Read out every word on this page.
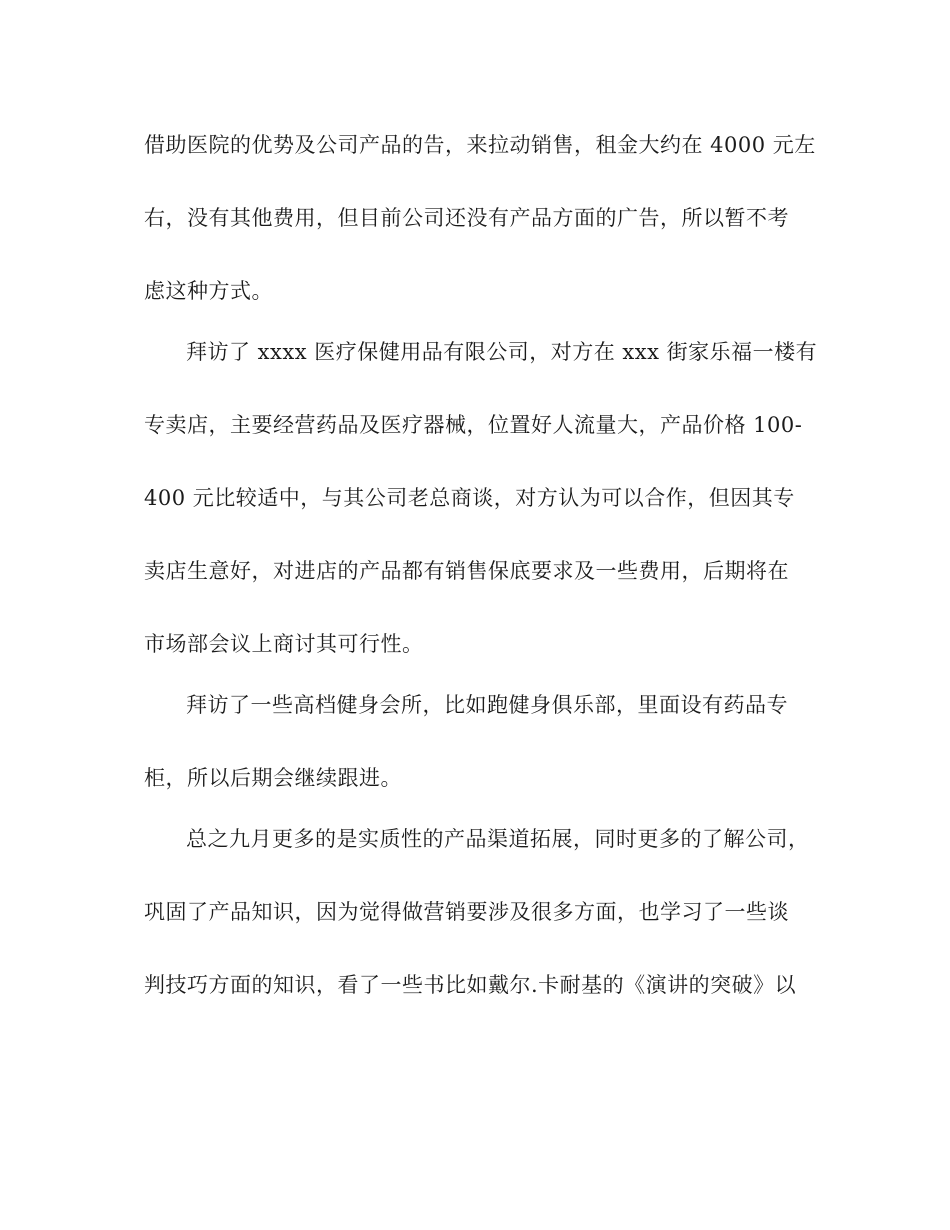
借助医院的优势及公司产品的告，来拉动销售，租金大约在 4000 元左
右，没有其他费用，但目前公司还没有产品方面的广告，所以暂不考
虑这种方式。
拜访了 xxxx 医疗保健用品有限公司，对方在 xxx 街家乐福一楼有
专卖店，主要经营药品及医疗器械，位置好人流量大，产品价格 100-
400 元比较适中，与其公司老总商谈，对方认为可以合作，但因其专
卖店生意好，对进店的产品都有销售保底要求及一些费用，后期将在
市场部会议上商讨其可行性。
拜访了一些高档健身会所，比如跑健身俱乐部，里面设有药品专
柜，所以后期会继续跟进。
总之九月更多的是实质性的产品渠道拓展，同时更多的了解公司，
巩固了产品知识，因为觉得做营销要涉及很多方面，也学习了一些谈
判技巧方面的知识，看了一些书比如戴尔.卡耐基的《演讲的突破》以
